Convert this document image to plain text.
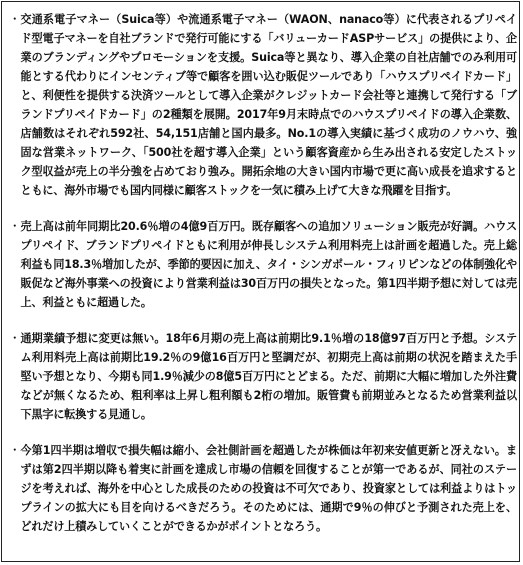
・ 交通系電子マネー（Suica等）や流通系電子マネー（WAON、nanaco等）に代表されるプリペイド型電子マネーを自社ブランドで発行可能にする「バリューカードASPサービス」の提供により、企業のブランディングやプロモーションを支援。Suica等と異なり、導入企業の自社店舗でのみ利用可能とする代わりにインセンティブ等で顧客を囲い込む販促ツールであり「ハウスプリペイドカード」と、利便性を提供する決済ツールとして導入企業がクレジットカード会社等と連携して発行する「ブランドプリペイドカード」の2種類を展開。2017年9月末時点でのハウスプリペイドの導入企業数、店舗数はそれぞれ592社、54,151店舗と国内最多。No.1の導入実績に基づく成功のノウハウ、強固な営業ネットワーク、「500社を超す導入企業」という顧客資産から生み出される安定したストック型収益が売上の半分強を占めており強み。開拓余地の大きい国内市場で更に高い成長を追求するとともに、海外市場でも国内同様に顧客ストックを一気に積み上げて大きな飛躍を目指す。
・ 売上高は前年同期比20.6％増の4億9百万円。既存顧客への追加ソリューション販売が好調。ハウスプリペイド、ブランドプリペイドともに利用が伸長しシステム利用料売上は計画を超過した。売上総利益も同18.3％増加したが、季節的要因に加え、タイ・シンガポール・フィリピンなどの体制強化や販促など海外事業への投資により営業利益は30百万円の損失となった。第1四半期予想に対しては売上、利益ともに超過した。
・ 通期業績予想に変更は無い。18年6月期の売上高は前期比9.1％増の18億97百万円と予想。システム利用料売上高は前期比19.2％の9億16百万円と堅調だが、初期売上高は前期の状況を踏まえた手堅い予想となり、今期も同1.9％減少の8億5百万円にとどまる。ただ、前期に大幅に増加した外注費などが無くなるため、粗利率は上昇し粗利額も2桁の増加。販管費も前期並みとなるため営業利益以下黒字に転換する見通し。
・ 今第1四半期は増収で損失幅は縮小、会社側計画を超過したが株価は年初来安値更新と冴えない。まずは第2四半期以降も着実に計画を達成し市場の信頼を回復することが第一であるが、同社のステージを考えれば、海外を中心とした成長のための投資は不可欠であり、投資家としては利益よりはトップラインの拡大にも目を向けるべきだろう。そのためには、通期で9％の伸びと予測された売上を、どれだけ上積みしていくことができるかがポイントとなろう。
